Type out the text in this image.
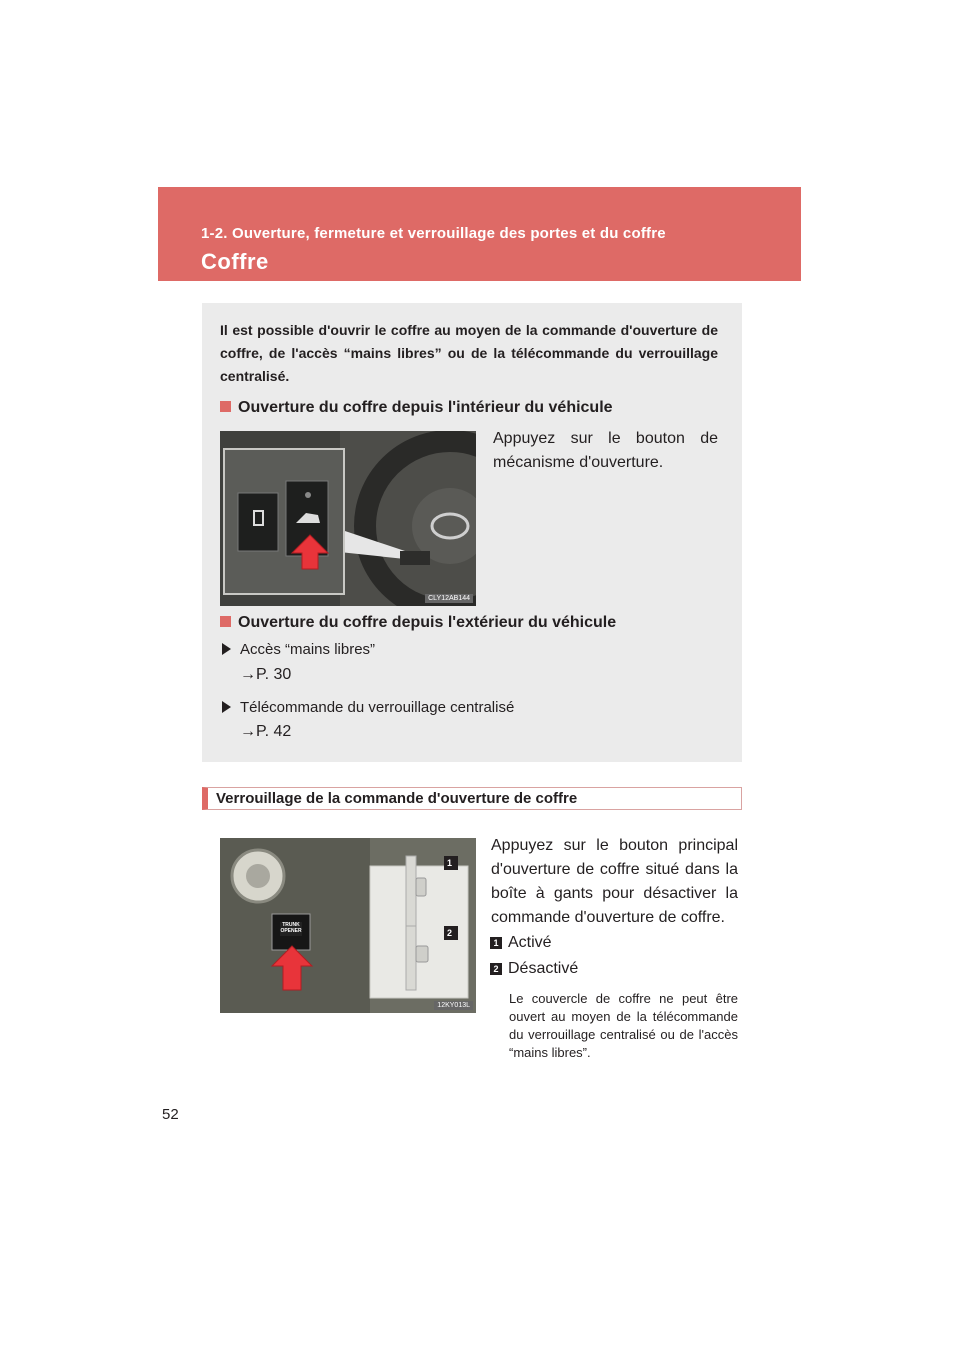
1-2. Ouverture, fermeture et verrouillage des portes et du coffre
Coffre
Il est possible d'ouvrir le coffre au moyen de la commande d'ouverture de coffre, de l'accès “mains libres” ou de la télécommande du verrouillage centralisé.
Ouverture du coffre depuis l'intérieur du véhicule
CLY12AB144
Appuyez sur le bouton de mécanisme d'ouverture.
Ouverture du coffre depuis l'extérieur du véhicule
Accès “mains libres”
→P. 30
Télécommande du verrouillage centralisé
→P. 42
Verrouillage de la commande d'ouverture de coffre
TRUNK OPENER
1
2
12KY013L
Appuyez sur le bouton principal d'ouverture de coffre situé dans la boîte à gants pour désactiver la commande d'ouverture de coffre.
1 Activé
2 Désactivé
Le couvercle de coffre ne peut être ouvert au moyen de la télécommande du verrouillage centralisé ou de l'accès “mains libres”.
52
